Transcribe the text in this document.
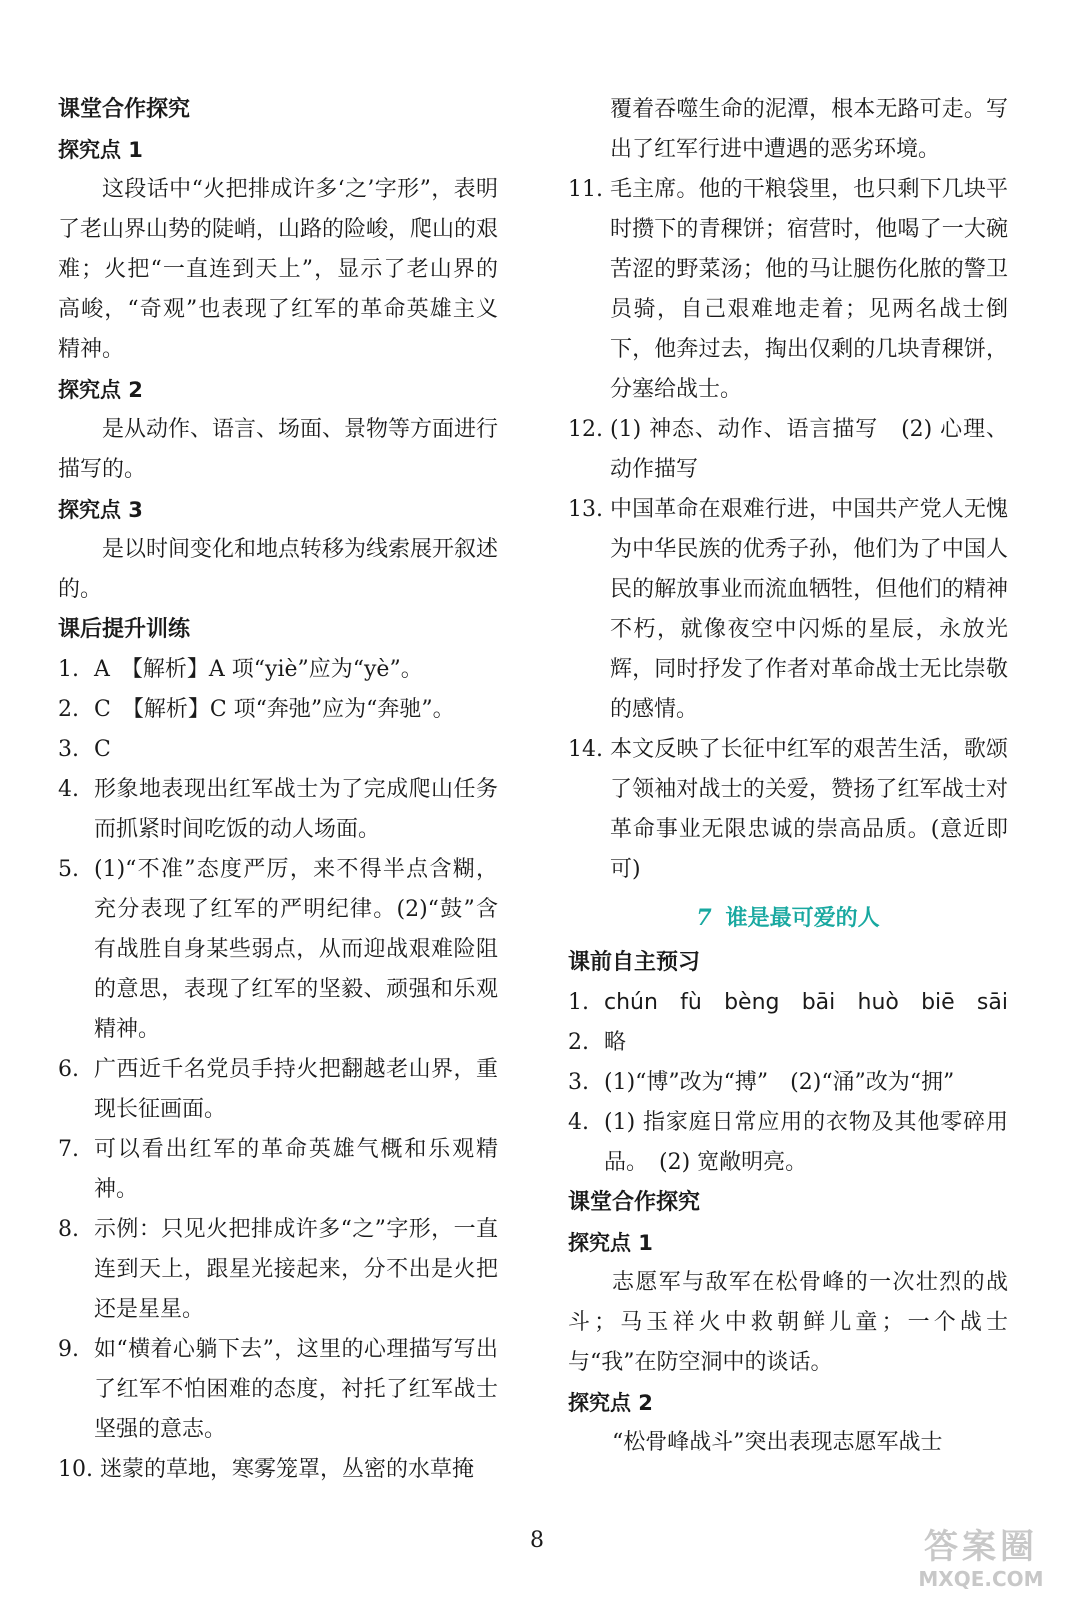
课堂合作探究

探究点 1

这段话中“火把排成许多‘之’字形”，表明了老山界山势的陡峭，山路的险峻，爬山的艰难；火把“一直连到天上”，显示了老山界的高峻，“奇观”也表现了红军的革命英雄主义精神。

探究点 2

是从动作、语言、场面、景物等方面进行描写的。

探究点 3

是以时间变化和地点转移为线索展开叙述的。

课后提升训练

1. A　【解析】A 项“yiè”应为“yè”。
2. C　【解析】C 项“奔弛”应为“奔驰”。
3. C
4. 形象地表现出红军战士为了完成爬山任务而抓紧时间吃饭的动人场面。
5. (1)“不准”态度严厉，来不得半点含糊，充分表现了红军的严明纪律。(2)“鼓”含有战胜自身某些弱点，从而迎战艰难险阻的意思，表现了红军的坚毅、顽强和乐观精神。
6. 广西近千名党员手持火把翻越老山界，重现长征画面。
7. 可以看出红军的革命英雄气概和乐观精神。
8. 示例：只见火把排成许多“之”字形，一直连到天上，跟星光接起来，分不出是火把还是星星。
9. 如“横着心躺下去”，这里的心理描写写出了红军不怕困难的态度，衬托了红军战士坚强的意志。
10. 迷蒙的草地，寒雾笼罩，丛密的水草掩

覆着吞噬生命的泥潭，根本无路可走。写出了红军行进中遭遇的恶劣环境。

11. 毛主席。他的干粮袋里，也只剩下几块平时攒下的青稞饼；宿营时，他喝了一大碗苦涩的野菜汤；他的马让腿伤化脓的警卫员骑，自己艰难地走着；见两名战士倒下，他奔过去，掏出仅剩的几块青稞饼，分塞给战士。
12. (1) 神态、动作、语言描写　(2) 心理、动作描写
13. 中国革命在艰难行进，中国共产党人无愧为中华民族的优秀子孙，他们为了中国人民的解放事业而流血牺牲，但他们的精神不朽，就像夜空中闪烁的星辰，永放光辉，同时抒发了作者对革命战士无比崇敬的感情。
14. 本文反映了长征中红军的艰苦生活，歌颂了领袖对战士的关爱，赞扬了红军战士对革命事业无限忠诚的崇高品质。(意近即可)
7 谁是最可爱的人

课前自主预习

1. chún fù bèng bāi huò biē sāi
2. 略
3. (1)“博”改为“搏”　(2)“涌”改为“拥”
4. (1) 指家庭日常应用的衣物及其他零碎用品。　(2) 宽敞明亮。

课堂合作探究

探究点 1

志愿军与敌军在松骨峰的一次壮烈的战斗；马玉祥火中救朝鲜儿童；一个战士与“我”在防空洞中的谈话。

探究点 2

“松骨峰战斗”突出表现志愿军战士

8	答案圈
MXQE.COM
